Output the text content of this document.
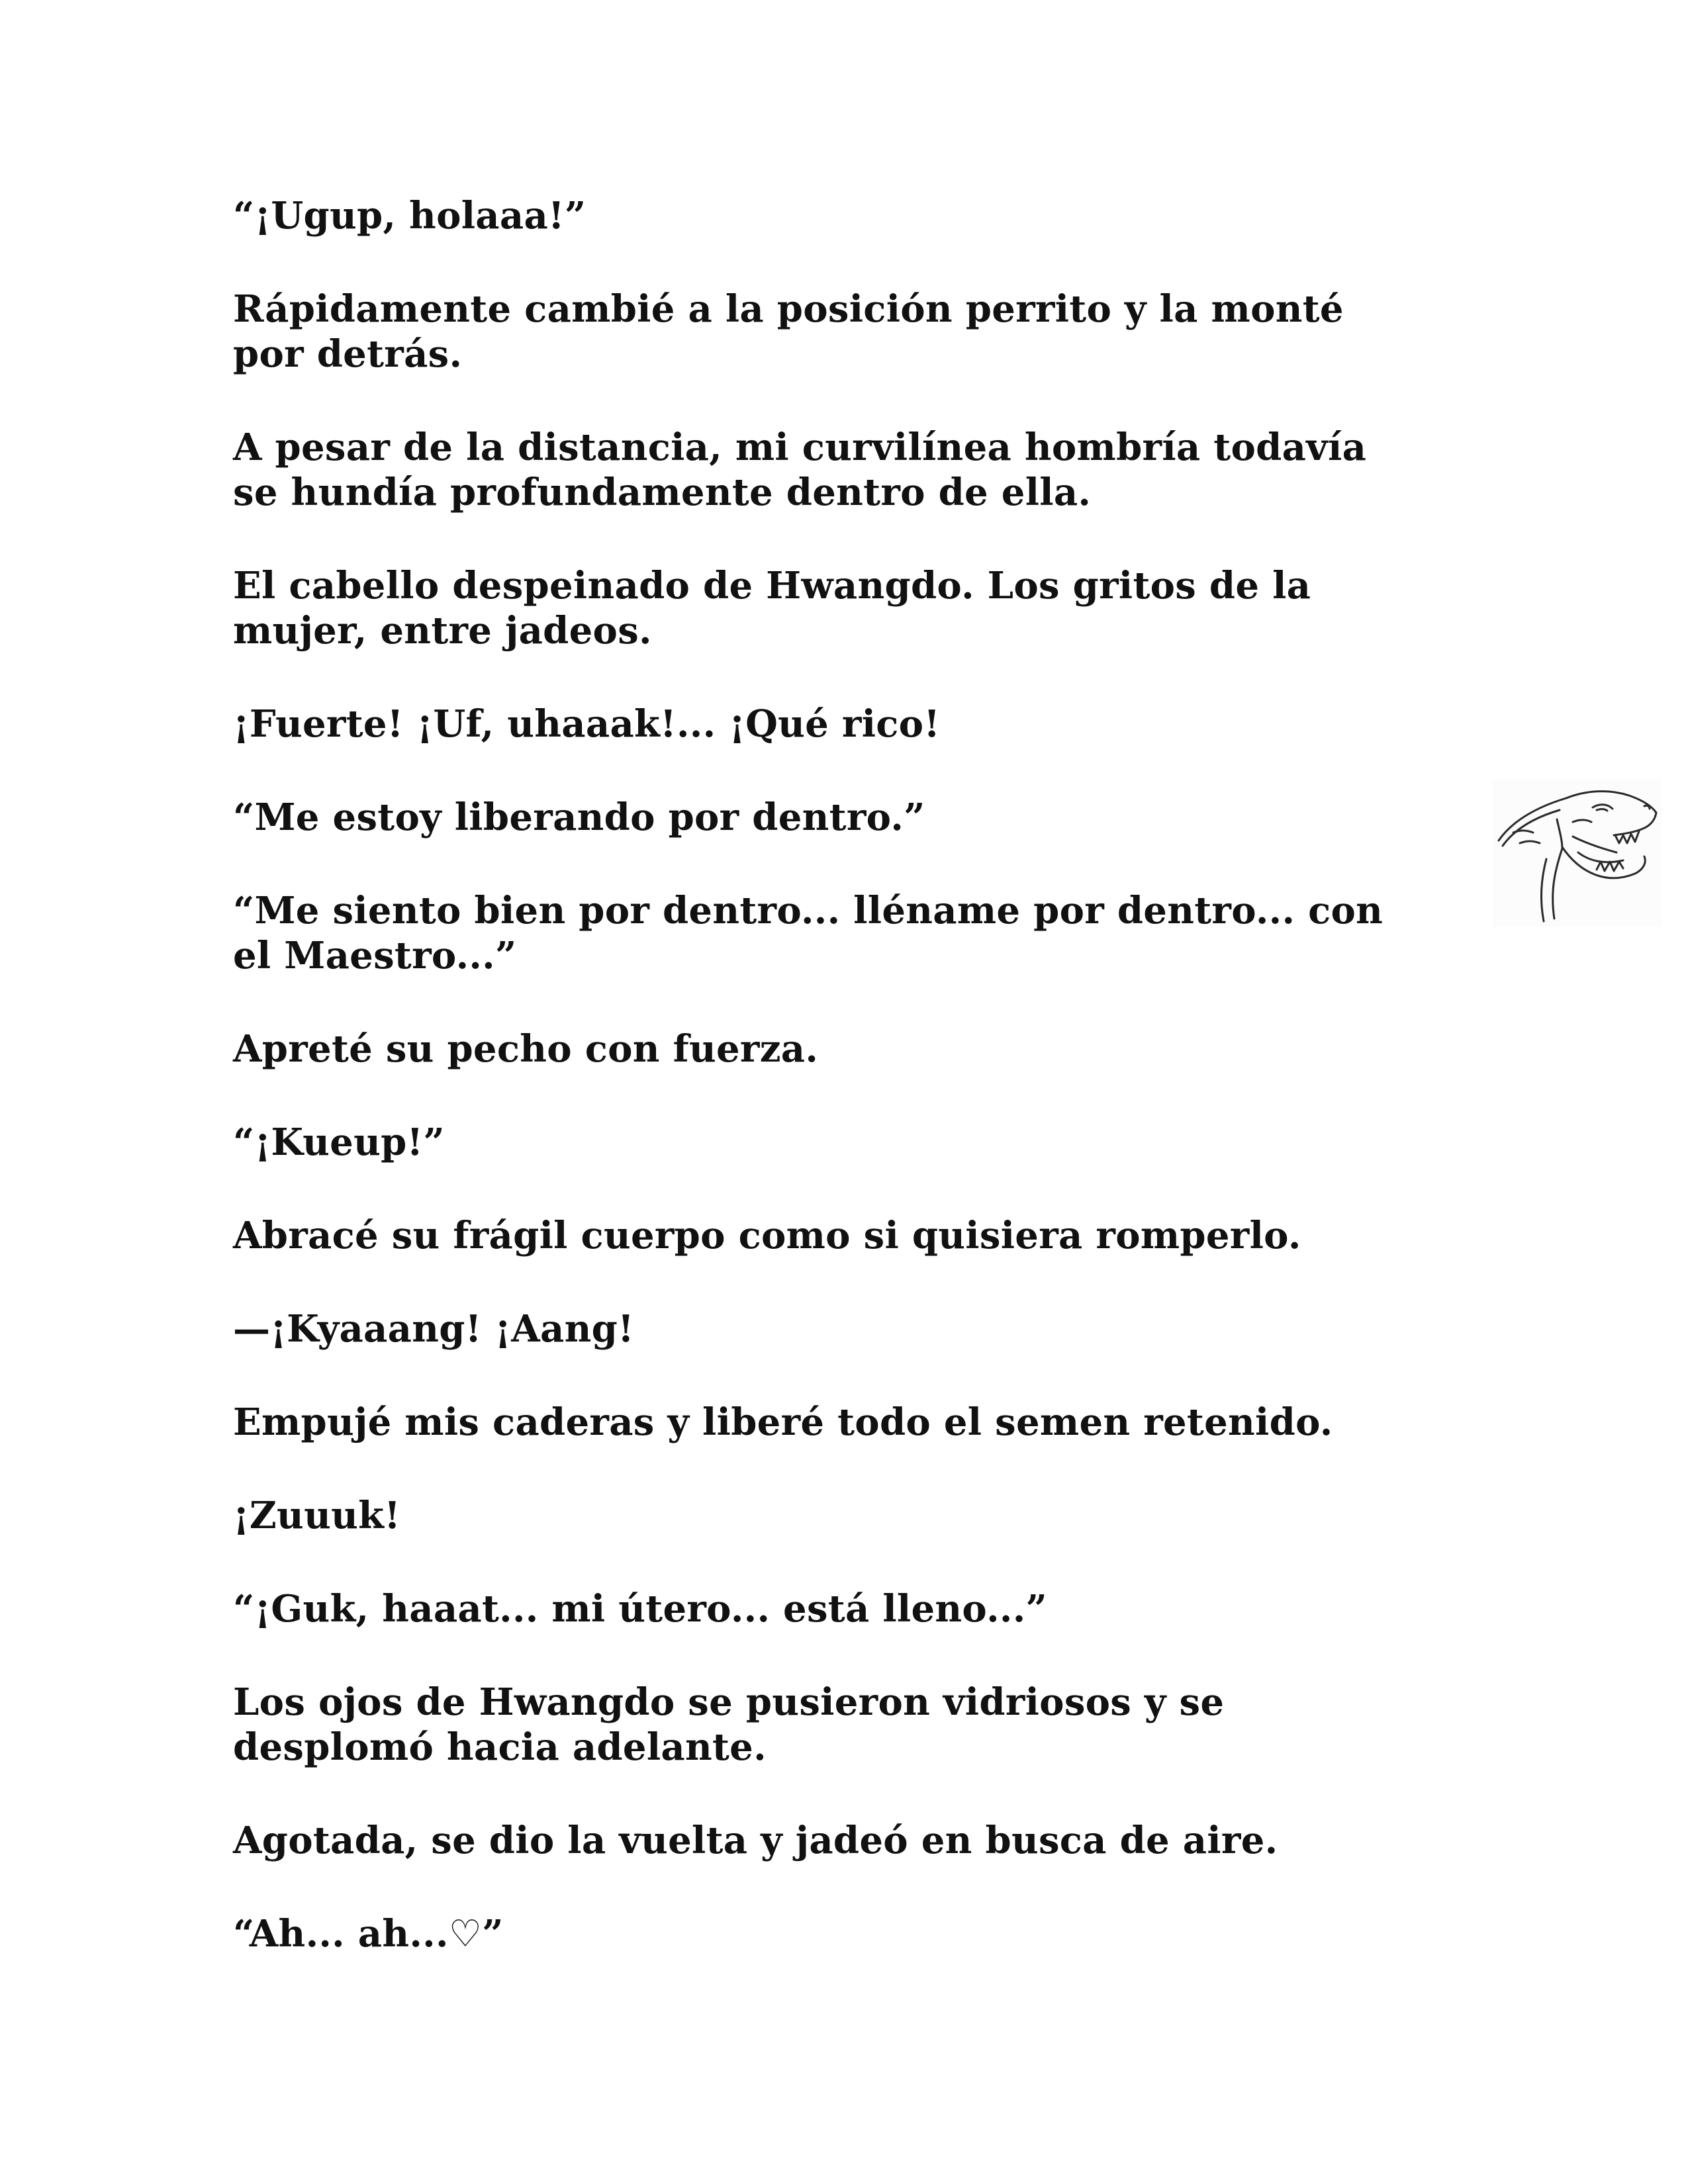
“¡Ugup, holaaa!”

Rápidamente cambié a la posición perrito y la monté por detrás.

A pesar de la distancia, mi curvilínea hombría todavía se hundía profundamente dentro de ella.

El cabello despeinado de Hwangdo. Los gritos de la mujer, entre jadeos.

¡Fuerte! ¡Uf, uhaaak!... ¡Qué rico!

“Me estoy liberando por dentro.”

“Me siento bien por dentro... lléname por dentro... con el Maestro...”

Apreté su pecho con fuerza.

“¡Kueup!”

Abracé su frágil cuerpo como si quisiera romperlo.

—¡Kyaaang! ¡Aang!

Empujé mis caderas y liberé todo el semen retenido.

¡Zuuuk!

“¡Guk, haaat... mi útero... está lleno...”

Los ojos de Hwangdo se pusieron vidriosos y se desplomó hacia adelante.

Agotada, se dio la vuelta y jadeó en busca de aire.

“Ah... ah...♡”
